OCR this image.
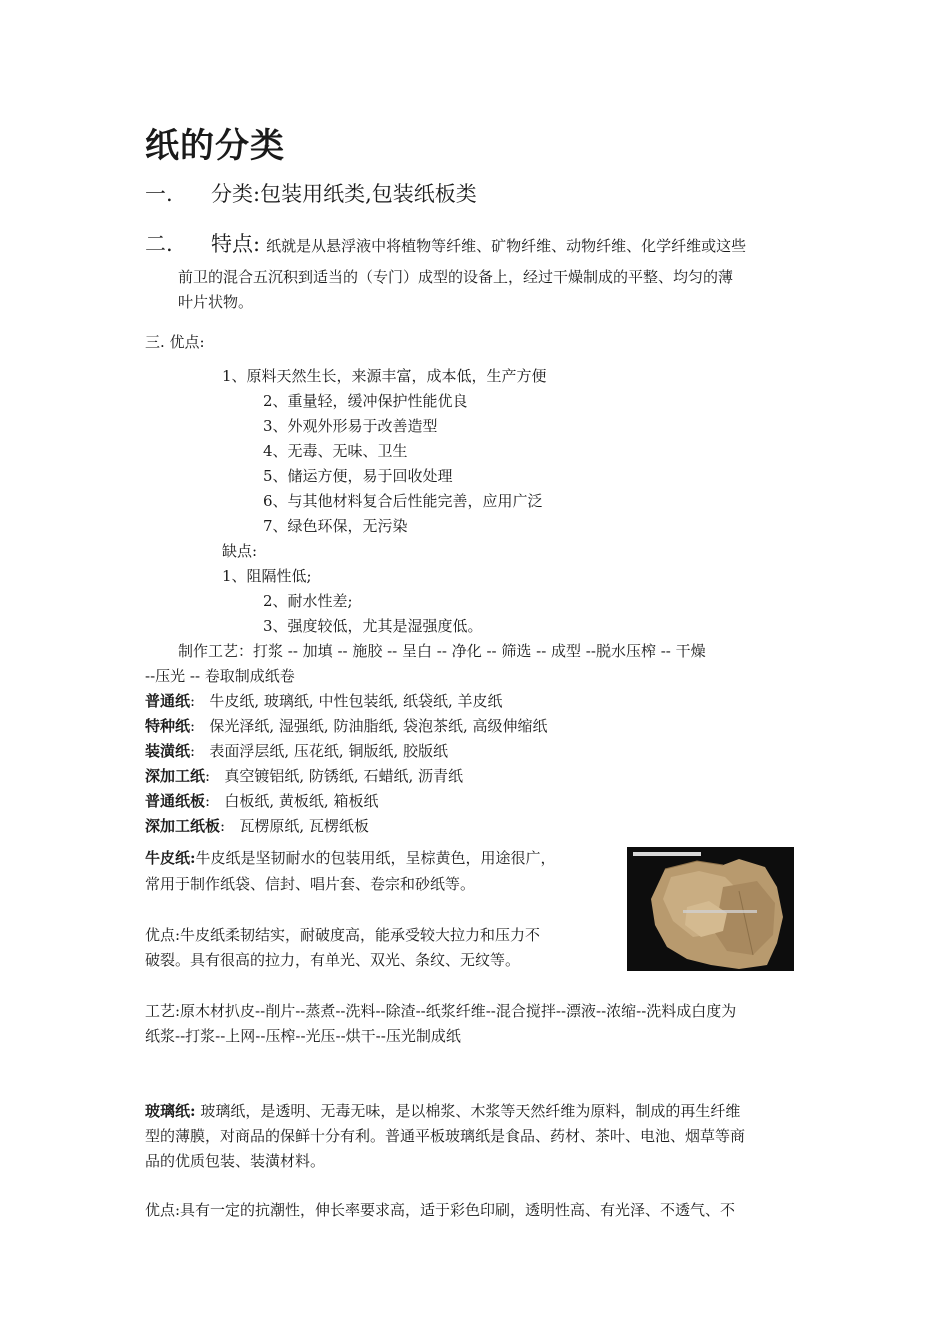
纸的分类
一. 分类:包装用纸类,包装纸板类
二. 特点: 纸就是从悬浮液中将植物等纤维、矿物纤维、动物纤维、化学纤维或这些
前卫的混合五沉积到适当的（专门）成型的设备上，经过干燥制成的平整、均匀的薄
叶片状物。
三. 优点:
1、原料天然生长，来源丰富，成本低，生产方便
2、重量轻，缓冲保护性能优良
3、外观外形易于改善造型
4、无毒、无味、卫生
5、储运方便，易于回收处理
6、与其他材料复合后性能完善，应用广泛
7、绿色环保，无污染
缺点:
1、阻隔性低;
2、耐水性差;
3、强度较低，尤其是湿强度低。
制作工艺：打浆 -- 加填 -- 施胶 -- 呈白 -- 净化 -- 筛选 -- 成型 --脱水压榨 -- 干燥
--压光 -- 卷取制成纸卷
普通纸:   牛皮纸, 玻璃纸, 中性包装纸, 纸袋纸, 羊皮纸
特种纸:   保光泽纸, 湿强纸, 防油脂纸, 袋泡茶纸, 高级伸缩纸
装潢纸:   表面浮层纸, 压花纸, 铜版纸, 胶版纸
深加工纸:   真空镀铝纸, 防锈纸, 石蜡纸, 沥青纸
普通纸板:   白板纸, 黄板纸, 箱板纸
深加工纸板:   瓦楞原纸, 瓦楞纸板
牛皮纸:牛皮纸是坚韧耐水的包装用纸，呈棕黄色，用途很广，
常用于制作纸袋、信封、唱片套、卷宗和砂纸等。
优点:牛皮纸柔韧结实，耐破度高，能承受较大拉力和压力不
破裂。具有很高的拉力，有单光、双光、条纹、无纹等。
工艺:原木材扒皮--削片--蒸煮--洗料--除渣--纸浆纤维--混合搅拌--漂液--浓缩--洗料成白度为
纸浆--打浆--上网--压榨--光压--烘干--压光制成纸
玻璃纸: 玻璃纸，是透明、无毒无味，是以棉浆、木浆等天然纤维为原料，制成的再生纤维
型的薄膜，对商品的保鲜十分有利。普通平板玻璃纸是食品、药材、茶叶、电池、烟草等商
品的优质包装、装潢材料。
优点:具有一定的抗潮性，伸长率要求高，适于彩色印刷，透明性高、有光泽、不透气、不
